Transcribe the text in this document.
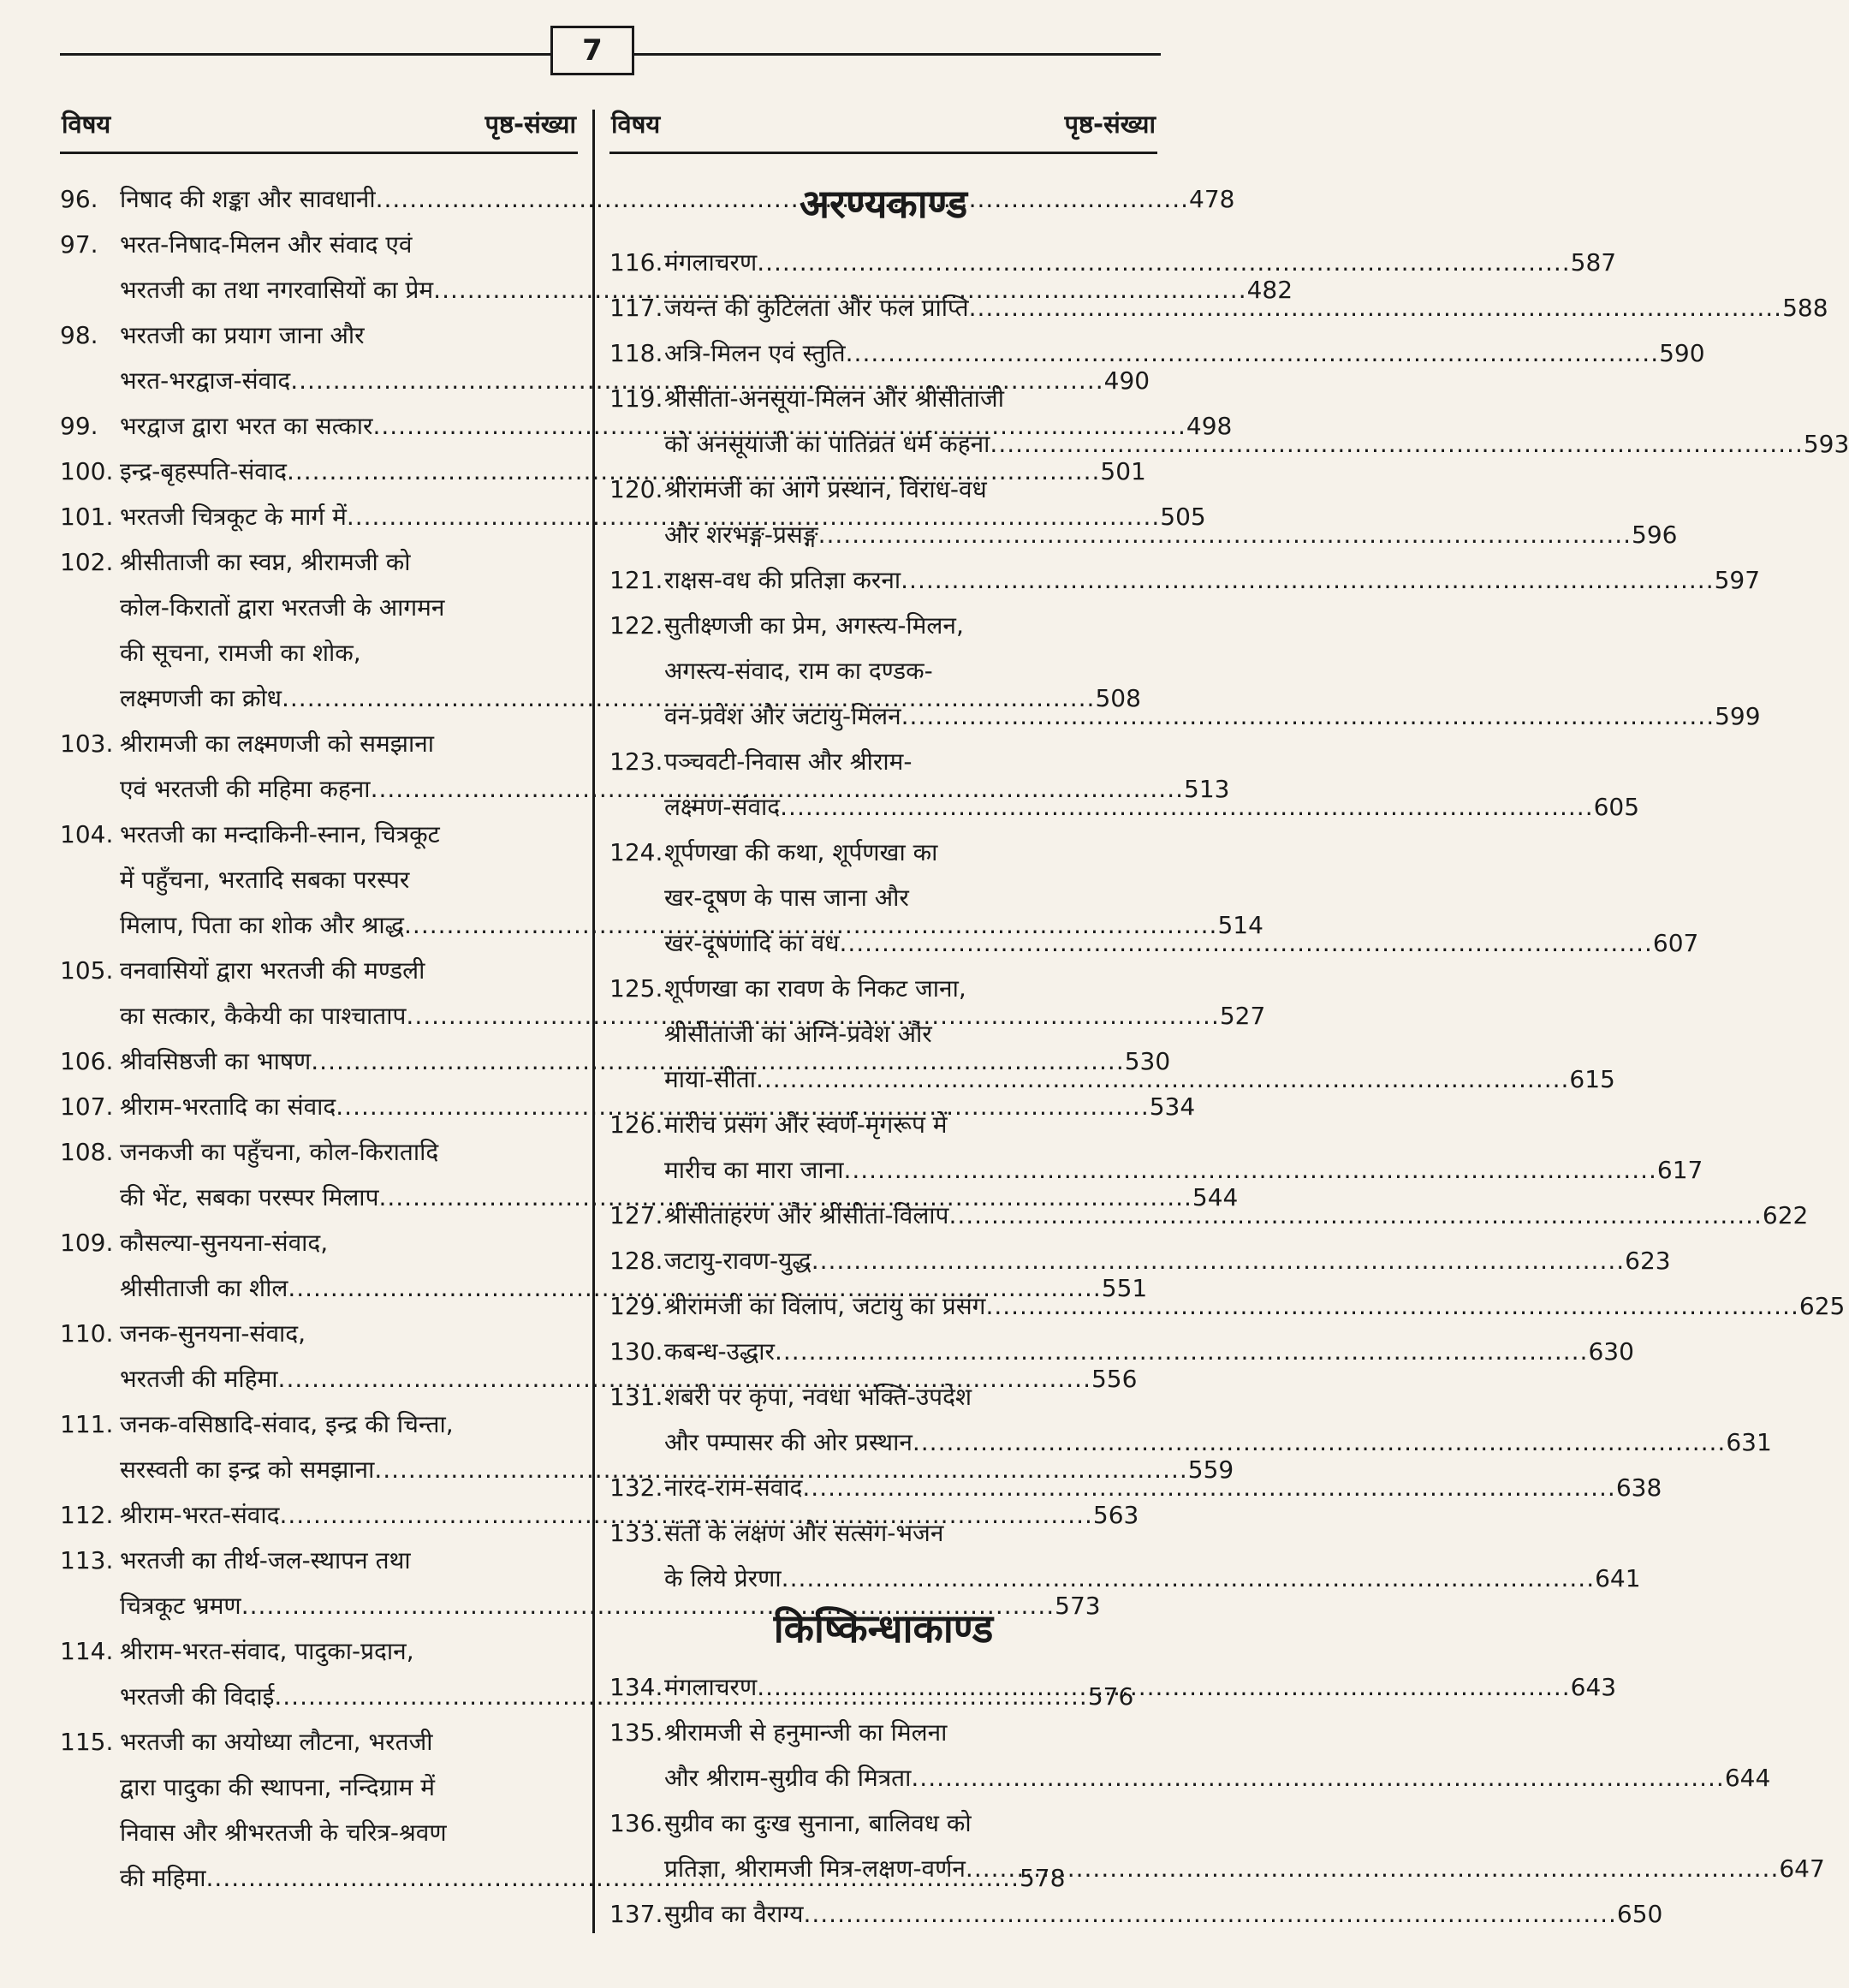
7
विषय	पृष्ठ-संख्या
96. निषाद की शङ्का और सावधानी .....	478
97. भरत-निषाद-मिलन और संवाद एवं
भरतजी का तथा नगरवासियों का प्रेम .....	482
98. भरतजी का प्रयाग जाना और
भरत-भरद्वाज-संवाद .....	490
99. भरद्वाज द्वारा भरत का सत्कार .....	498
100. इन्द्र-बृहस्पति-संवाद .....	501
101. भरतजी चित्रकूट के मार्ग में .....	505
102. श्रीसीताजी का स्वप्न, श्रीरामजी को
कोल-किरातों द्वारा भरतजी के आगमन
की सूचना, रामजी का शोक,
लक्ष्मणजी का क्रोध .....	508
103. श्रीरामजी का लक्ष्मणजी को समझाना
एवं भरतजी की महिमा कहना .....	513
104. भरतजी का मन्दाकिनी-स्नान, चित्रकूट
में पहुँचना, भरतादि सबका परस्पर
मिलाप, पिता का शोक और श्राद्ध .....	514
105. वनवासियों द्वारा भरतजी की मण्डली
का सत्कार, कैकेयी का पाश्चाताप .....	527
106. श्रीवसिष्ठजी का भाषण .....	530
107. श्रीराम-भरतादि का संवाद .....	534
108. जनकजी का पहुँचना, कोल-किरातादि
की भेंट, सबका परस्पर मिलाप .....	544
109. कौसल्या-सुनयना-संवाद,
श्रीसीताजी का शील .....	551
110. जनक-सुनयना-संवाद,
भरतजी की महिमा .....	556
111. जनक-वसिष्ठादि-संवाद, इन्द्र की चिन्ता,
सरस्वती का इन्द्र को समझाना .....	559
112. श्रीराम-भरत-संवाद .....	563
113. भरतजी का तीर्थ-जल-स्थापन तथा
चित्रकूट भ्रमण .....	573
114. श्रीराम-भरत-संवाद, पादुका-प्रदान,
भरतजी की विदाई .....	576
115. भरतजी का अयोध्या लौटना, भरतजी
द्वारा पादुका की स्थापना, नन्दिग्राम में
निवास और श्रीभरतजी के चरित्र-श्रवण
की महिमा .....	578
विषय	पृष्ठ-संख्या
अरण्यकाण्ड
116. मंगलाचरण .....	587
117. जयन्त की कुटिलता और फल प्राप्ति .....	588
118. अत्रि-मिलन एवं स्तुति .....	590
119. श्रीसीता-अनसूया-मिलन और श्रीसीताजी
को अनसूयाजी का पातिव्रत धर्म कहना .....	593
120. श्रीरामजी का आगे प्रस्थान, विराध-वध
और शरभङ्ग-प्रसङ्ग .....	596
121. राक्षस-वध की प्रतिज्ञा करना .....	597
122. सुतीक्ष्णजी का प्रेम, अगस्त्य-मिलन,
अगस्त्य-संवाद, राम का दण्डक-
वन-प्रवेश और जटायु-मिलन .....	599
123. पञ्चवटी-निवास और श्रीराम-
लक्ष्मण-संवाद .....	605
124. शूर्पणखा की कथा, शूर्पणखा का
खर-दूषण के पास जाना और
खर-दूषणादि का वध .....	607
125. शूर्पणखा का रावण के निकट जाना,
श्रीसीताजी का अग्नि-प्रवेश और
माया-सीता .....	615
126. मारीच प्रसंग और स्वर्ण-मृगरूप में
मारीच का मारा जाना .....	617
127. श्रीसीताहरण और श्रीसीता-विलाप .....	622
128. जटायु-रावण-युद्ध .....	623
129. श्रीरामजी का विलाप, जटायु का प्रसंग .....	625
130. कबन्ध-उद्धार .....	630
131. शबरी पर कृपा, नवधा भक्ति-उपदेश
और पम्पासर की ओर प्रस्थान .....	631
132. नारद-राम-संवाद .....	638
133. संतों के लक्षण और सत्संग-भजन
के लिये प्रेरणा .....	641
किष्किन्धाकाण्ड
134. मंगलाचरण .....	643
135. श्रीरामजी से हनुमान्जी का मिलना
और श्रीराम-सुग्रीव की मित्रता .....	644
136. सुग्रीव का दुःख सुनाना, बालिवध को
प्रतिज्ञा, श्रीरामजी मित्र-लक्षण-वर्णन .....	647
137. सुग्रीव का वैराग्य .....	650
